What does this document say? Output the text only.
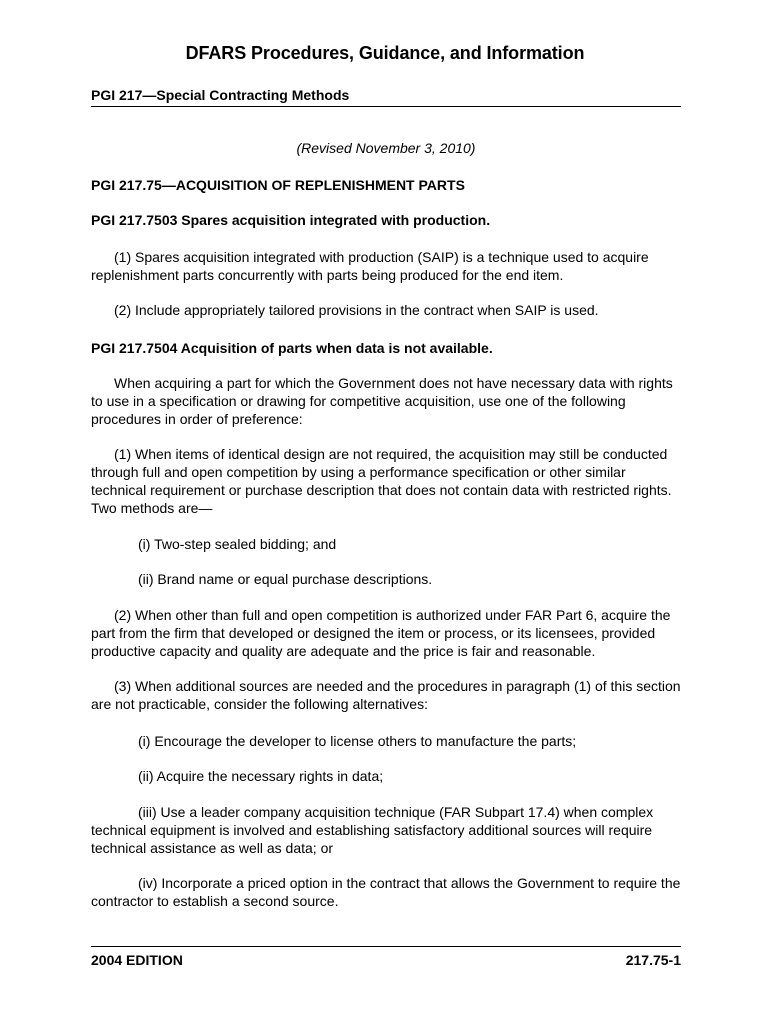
DFARS Procedures, Guidance, and Information
PGI 217—Special Contracting Methods
(Revised November 3, 2010)
PGI 217.75—ACQUISITION OF REPLENISHMENT PARTS
PGI 217.7503 Spares acquisition integrated with production.
(1) Spares acquisition integrated with production (SAIP) is a technique used to acquire replenishment parts concurrently with parts being produced for the end item.
(2) Include appropriately tailored provisions in the contract when SAIP is used.
PGI 217.7504 Acquisition of parts when data is not available.
When acquiring a part for which the Government does not have necessary data with rights to use in a specification or drawing for competitive acquisition, use one of the following procedures in order of preference:
(1) When items of identical design are not required, the acquisition may still be conducted through full and open competition by using a performance specification or other similar technical requirement or purchase description that does not contain data with restricted rights. Two methods are—
(i) Two-step sealed bidding; and
(ii) Brand name or equal purchase descriptions.
(2) When other than full and open competition is authorized under FAR Part 6, acquire the part from the firm that developed or designed the item or process, or its licensees, provided productive capacity and quality are adequate and the price is fair and reasonable.
(3) When additional sources are needed and the procedures in paragraph (1) of this section are not practicable, consider the following alternatives:
(i) Encourage the developer to license others to manufacture the parts;
(ii) Acquire the necessary rights in data;
(iii) Use a leader company acquisition technique (FAR Subpart 17.4) when complex technical equipment is involved and establishing satisfactory additional sources will require technical assistance as well as data; or
(iv) Incorporate a priced option in the contract that allows the Government to require the contractor to establish a second source.
2004 EDITION	217.75-1
